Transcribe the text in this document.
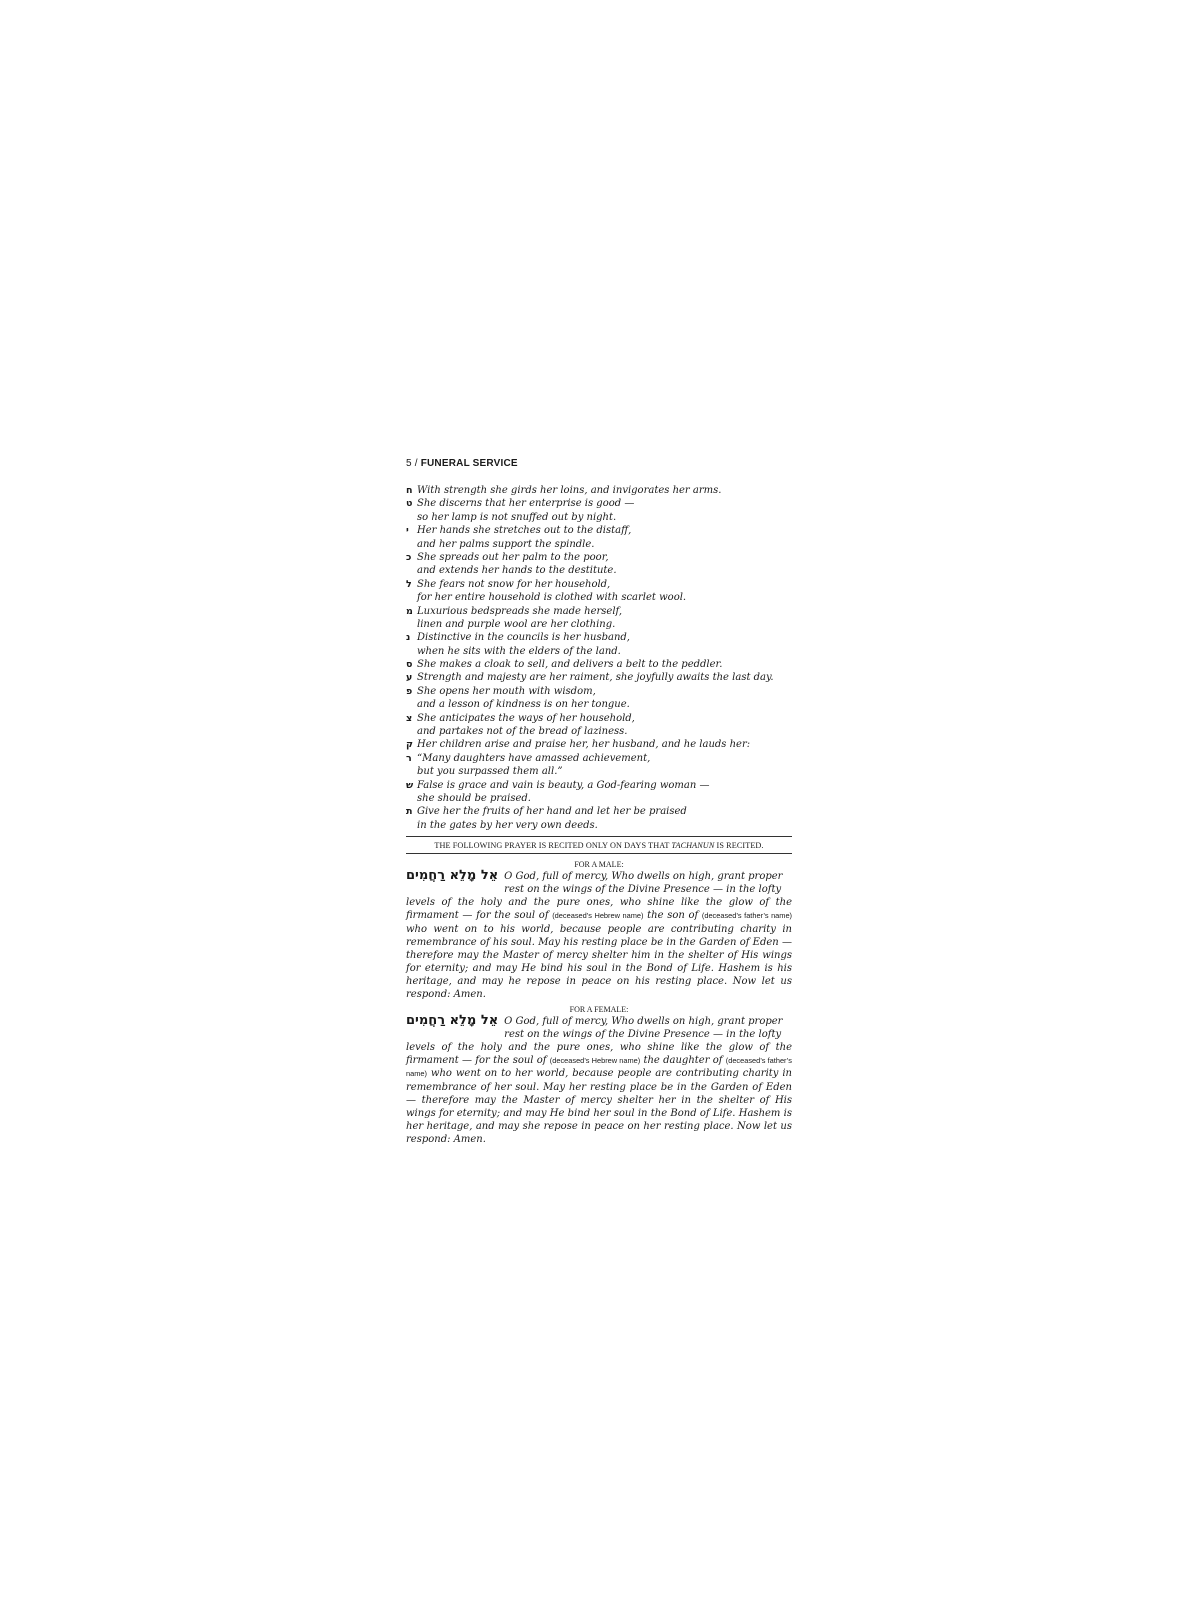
5 / FUNERAL SERVICE
ח With strength she girds her loins, and invigorates her arms.
ט She discerns that her enterprise is good —
so her lamp is not snuffed out by night.
י Her hands she stretches out to the distaff,
and her palms support the spindle.
כ She spreads out her palm to the poor,
and extends her hands to the destitute.
ל She fears not snow for her household,
for her entire household is clothed with scarlet wool.
מ Luxurious bedspreads she made herself,
linen and purple wool are her clothing.
נ Distinctive in the councils is her husband,
when he sits with the elders of the land.
ס She makes a cloak to sell, and delivers a belt to the peddler.
ע Strength and majesty are her raiment, she joyfully awaits the last day.
פ She opens her mouth with wisdom,
and a lesson of kindness is on her tongue.
צ She anticipates the ways of her household,
and partakes not of the bread of laziness.
ק Her children arise and praise her, her husband, and he lauds her:
ר “Many daughters have amassed achievement,
but you surpassed them all.”
ש False is grace and vain is beauty, a God-fearing woman —
she should be praised.
ת Give her the fruits of her hand and let her be praised
in the gates by her very own deeds.
THE FOLLOWING PRAYER IS RECITED ONLY ON DAYS THAT TACHANUN IS RECITED.
FOR A MALE:
אֵל מָלֵא רַחֲמִים O God, full of mercy, Who dwells on high, grant proper
rest on the wings of the Divine Presence — in the lofty
levels of the holy and the pure ones, who shine like the glow of the firmament — for the soul of (deceased’s Hebrew name) the son of (deceased’s father’s name) who went on to his world, because people are contributing charity in remembrance of his soul. May his resting place be in the Garden of Eden — therefore may the Master of mercy shelter him in the shelter of His wings for eternity; and may He bind his soul in the Bond of Life. Hashem is his heritage, and may he repose in peace on his resting place. Now let us respond: Amen.
FOR A FEMALE:
אֵל מָלֵא רַחֲמִים O God, full of mercy, Who dwells on high, grant proper
rest on the wings of the Divine Presence — in the lofty
levels of the holy and the pure ones, who shine like the glow of the firmament — for the soul of (deceased’s Hebrew name) the daughter of (deceased’s father’s name) who went on to her world, because people are contributing charity in remembrance of her soul. May her resting place be in the Garden of Eden — therefore may the Master of mercy shelter her in the shelter of His wings for eternity; and may He bind her soul in the Bond of Life. Hashem is her heritage, and may she repose in peace on her resting place. Now let us respond: Amen.
